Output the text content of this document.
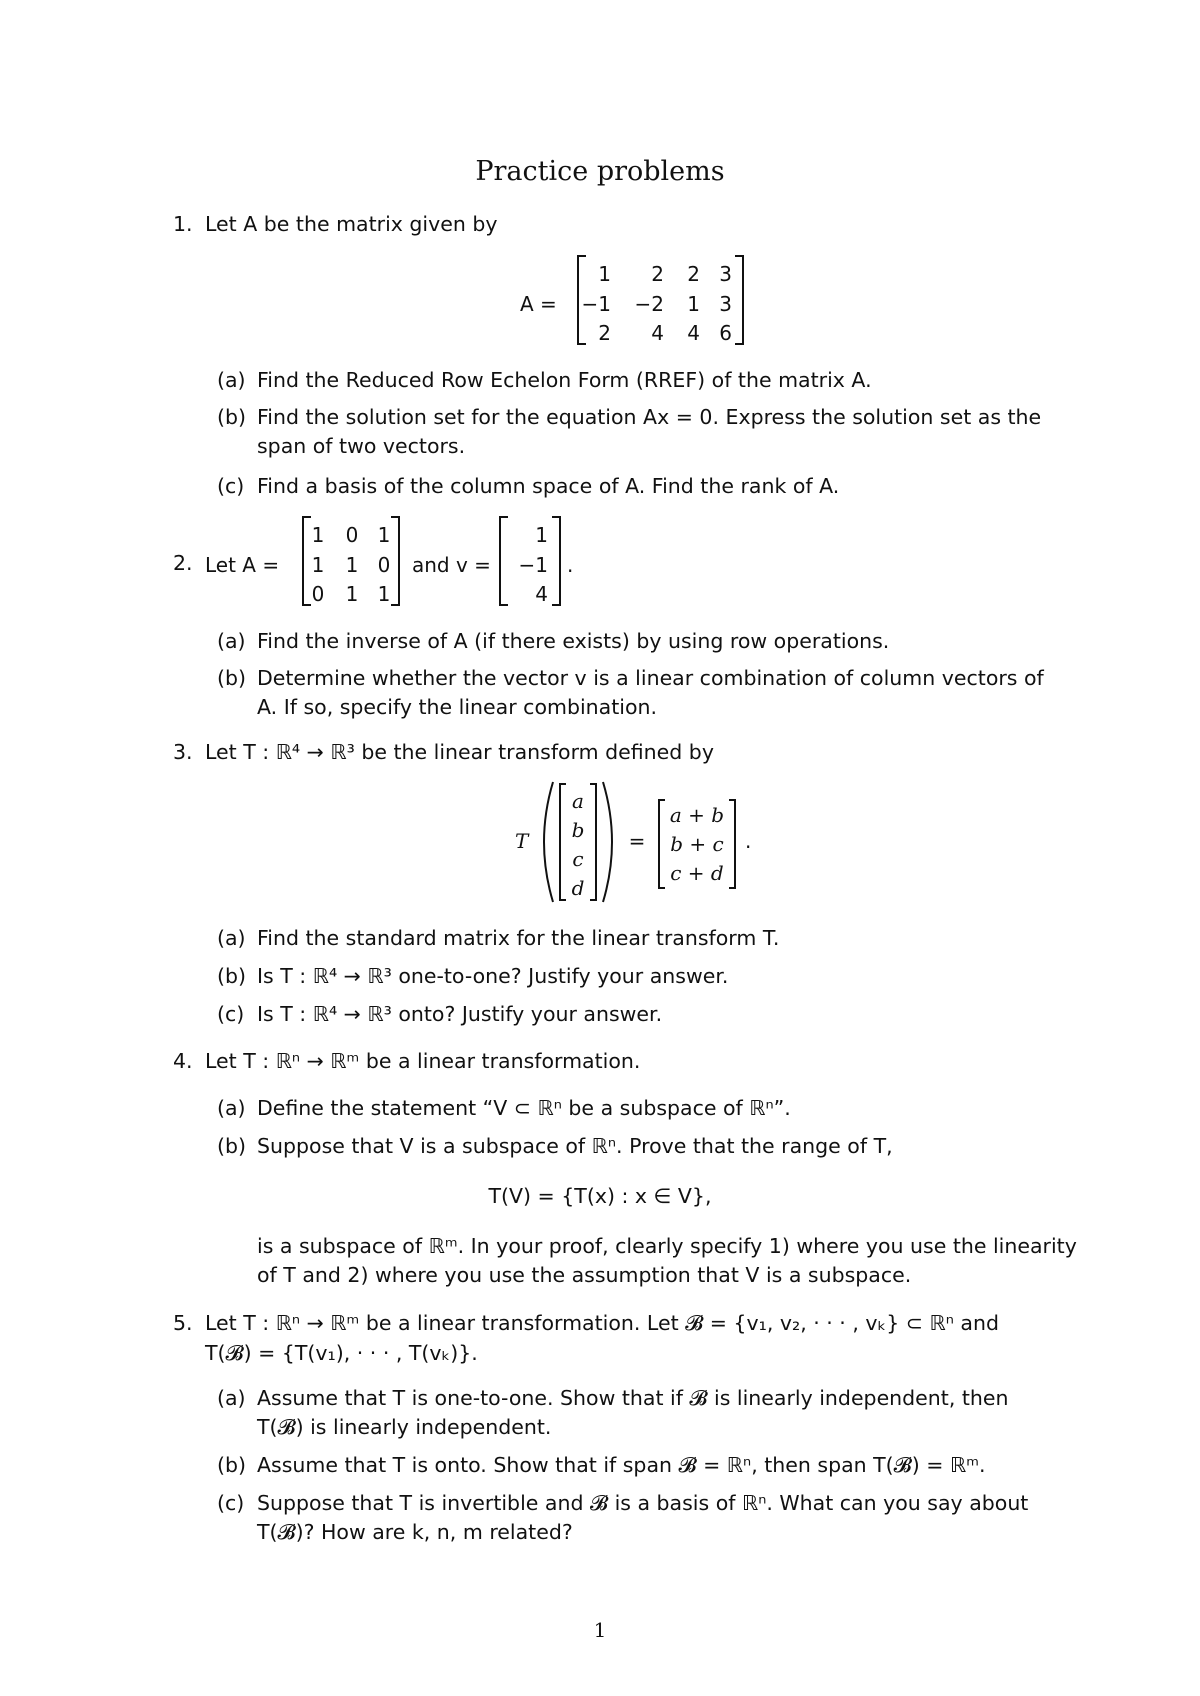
Practice problems
1. Let A be the matrix given by
A =
1 2 2 3
−1 −2 1 3
2 4 4 6
(a) Find the Reduced Row Echelon Form (RREF) of the matrix A.
(b) Find the solution set for the equation Ax = 0. Express the solution set as the
span of two vectors.
(c) Find a basis of the column space of A. Find the rank of A.
2. Let A =
1 0 1
1 1 0
0 1 1
and v =
1
−1
4
.
(a) Find the inverse of A (if there exists) by using row operations.
(b) Determine whether the vector v is a linear combination of column vectors of
A. If so, specify the linear combination.
3. Let T : ℝ⁴ → ℝ³ be the linear transform defined by
T
a
b
c
d
=
a + b
b + c
c + d
.
(a) Find the standard matrix for the linear transform T.
(b) Is T : ℝ⁴ → ℝ³ one-to-one? Justify your answer.
(c) Is T : ℝ⁴ → ℝ³ onto? Justify your answer.
4. Let T : ℝⁿ → ℝᵐ be a linear transformation.
(a) Define the statement “V ⊂ ℝⁿ be a subspace of ℝⁿ”.
(b) Suppose that V is a subspace of ℝⁿ. Prove that the range of T,
T(V) = {T(x) : x ∈ V},
is a subspace of ℝᵐ. In your proof, clearly specify 1) where you use the linearity
of T and 2) where you use the assumption that V is a subspace.
5. Let T : ℝⁿ → ℝᵐ be a linear transformation. Let 𝓑 = {v₁, v₂, · · · , vₖ} ⊂ ℝⁿ and
T(𝓑) = {T(v₁), · · · , T(vₖ)}.
(a) Assume that T is one-to-one. Show that if 𝓑 is linearly independent, then
T(𝓑) is linearly independent.
(b) Assume that T is onto. Show that if span 𝓑 = ℝⁿ, then span T(𝓑) = ℝᵐ.
(c) Suppose that T is invertible and 𝓑 is a basis of ℝⁿ. What can you say about
T(𝓑)? How are k, n, m related?
1
